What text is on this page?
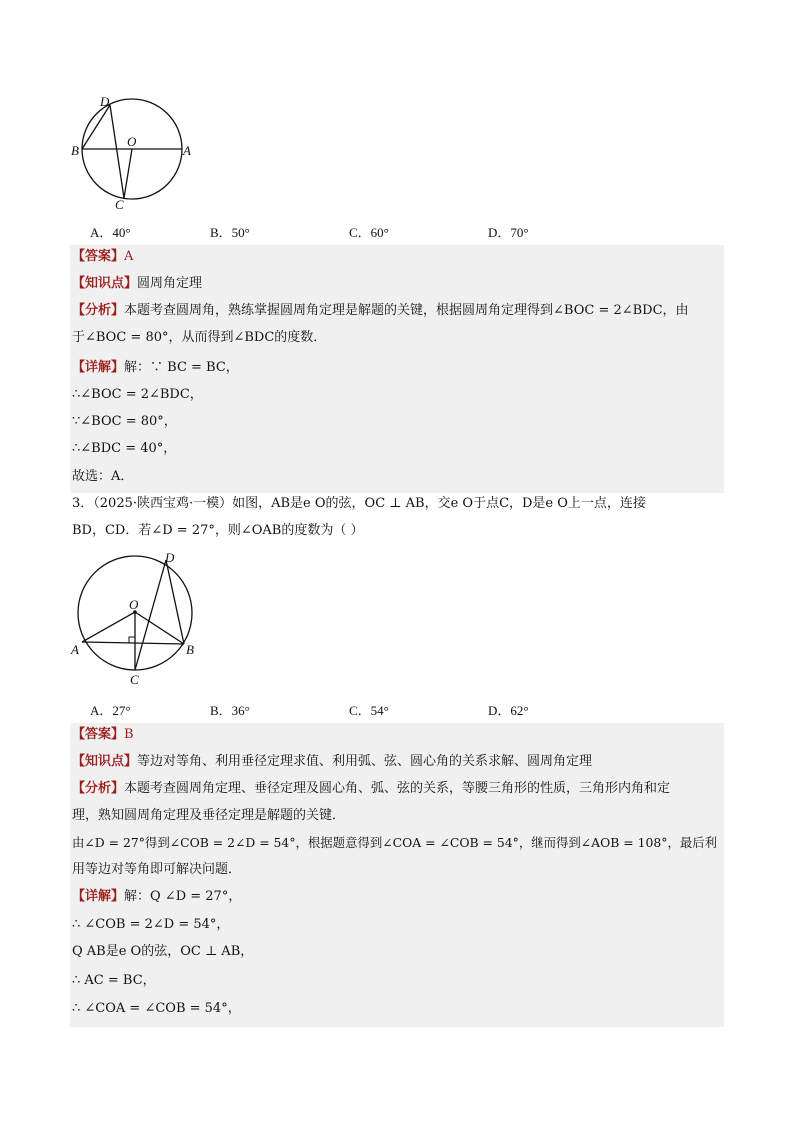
D
B
O
A
C
A．40°	B．50°	C．60°	D．70°
【答案】A
【知识点】圆周角定理
【分析】本题考查圆周角，熟练掌握圆周角定理是解题的关键，根据圆周角定理得到∠BOC = 2∠BDC，由
于∠BOC = 80°，从而得到∠BDC的度数．
【详解】解：∵ BC = BC，
∴∠BOC = 2∠BDC，
∵∠BOC = 80°，
∴∠BDC = 40°，
故选：A．
3．（2025·陕西宝鸡·一模）如图，AB是e O的弦，OC ⊥ AB，交e O于点C，D是e O上一点，连接
BD，CD．若∠D = 27°，则∠OAB的度数为（ ）
D
O
A	B
C
A．27°	B．36°	C．54°	D．62°
【答案】B
【知识点】等边对等角、利用垂径定理求值、利用弧、弦、圆心角的关系求解、圆周角定理
【分析】本题考查圆周角定理、垂径定理及圆心角、弧、弦的关系，等腰三角形的性质，三角形内角和定
理，熟知圆周角定理及垂径定理是解题的关键．
由∠D = 27°得到∠COB = 2∠D = 54°，根据题意得到∠COA = ∠COB = 54°，继而得到∠AOB = 108°，最后利
用等边对等角即可解决问题．
【详解】解：Q ∠D = 27°，
∴ ∠COB = 2∠D = 54°，
Q AB是e O的弦，OC ⊥ AB，
∴ AC = BC，
∴ ∠COA = ∠COB = 54°，
